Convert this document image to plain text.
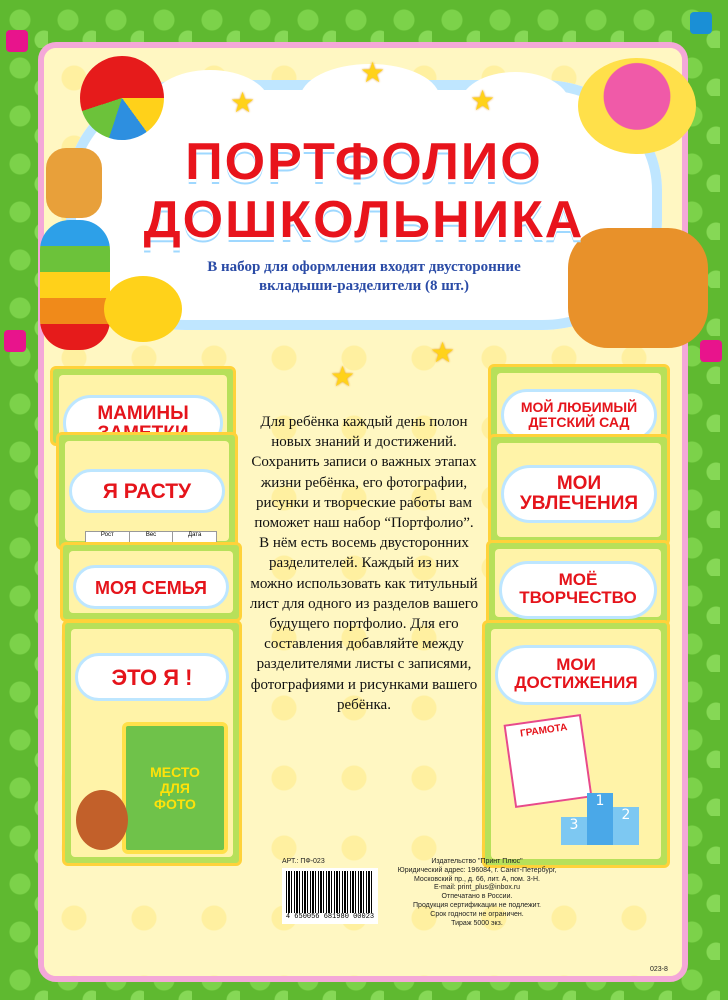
★
★
★
★
★
ПОРТФОЛИО
ДОШКОЛЬНИКА
В набор для оформления входят двусторонние
вкладыши-разделители (8 шт.)
МАМИНЫ
Я РАСТУ
Рост	Вес	Дата
МОЯ СЕМЬЯ
ЭТО Я !
МЕСТО
ДЛЯ
ФОТО
МОЙ ЛЮБИМЫЙ
ДЕТСКИЙ САД
МОИ
УВЛЕЧЕНИЯ
МОЁ
ТВОРЧЕСТВО
МОИ
ДОСТИЖЕНИЯ
ГРАМОТА
3
1
2
Для ребёнка каждый день полон новых знаний и достижений. Сохранить записи о важных этапах жизни ребёнка, его фотографии, рисунки и творческие работы вам поможет наш набор “Портфолио”. В нём есть восемь двусторонних разделителей. Каждый из них можно использовать как титульный лист для одного из разделов вашего будущего портфолио. Для его составления добавляйте между разделителями листы с записями, фотографиями и рисунками вашего ребёнка.
АРТ.: ПФ-023
4 650056 681980 00023
Издательство "Принт Плюс"
Юридический адрес: 196084, г. Санкт-Петербург,
Московский пр., д. 66, лит. А, пом. 3-Н.
E-mail: print_plus@inbox.ru
Отпечатано в России.
Продукция сертификации не подлежит.
Срок годности не ограничен.
Тираж 5000 экз.
023-8
